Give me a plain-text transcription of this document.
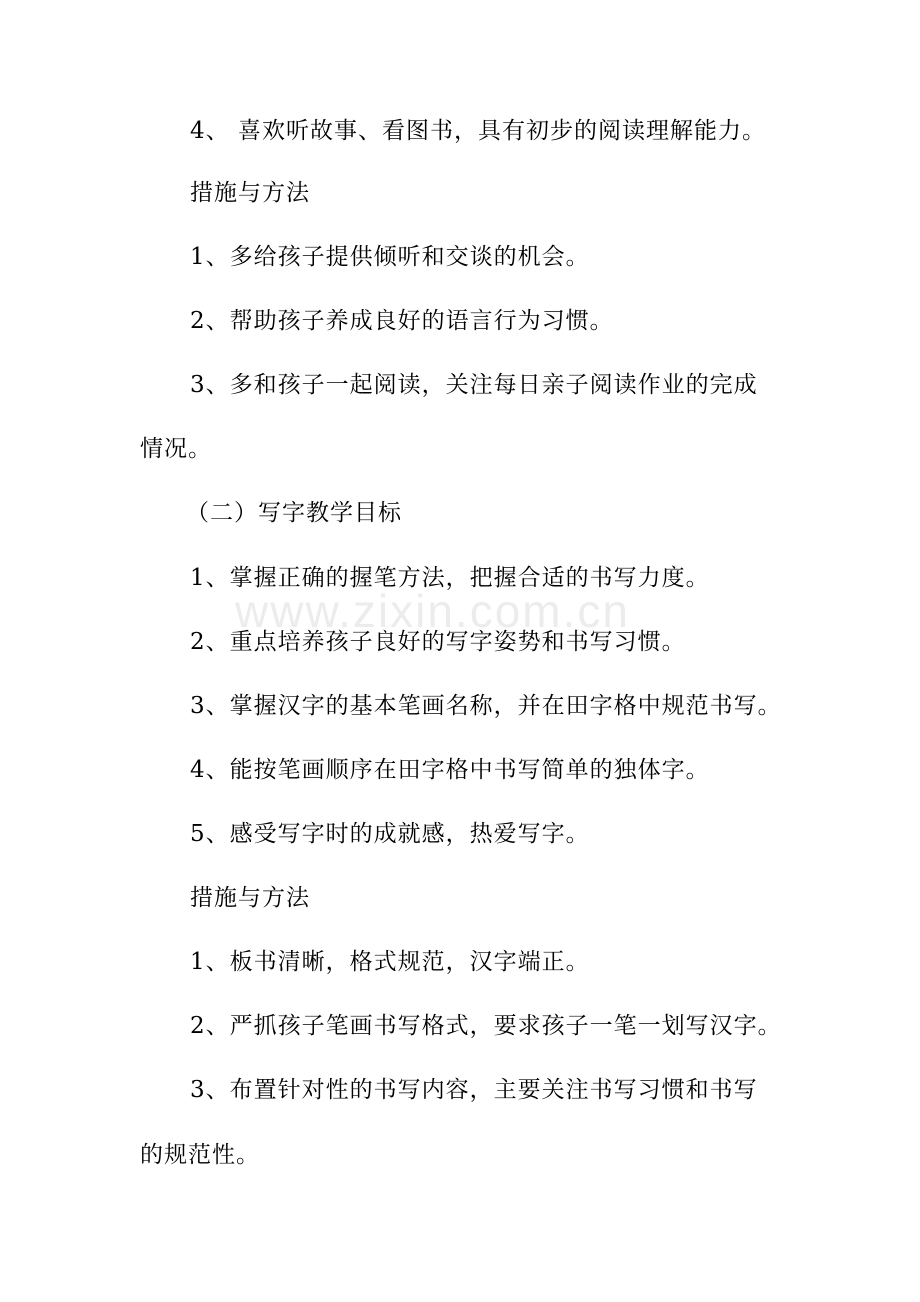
4、 喜欢听故事、看图书，具有初步的阅读理解能力。
措施与方法
1、多给孩子提供倾听和交谈的机会。
2、帮助孩子养成良好的语言行为习惯。
3、多和孩子一起阅读，关注每日亲子阅读作业的完成
情况。
（二）写字教学目标
1、掌握正确的握笔方法，把握合适的书写力度。
2、重点培养孩子良好的写字姿势和书写习惯。
3、掌握汉字的基本笔画名称，并在田字格中规范书写。
4、能按笔画顺序在田字格中书写简单的独体字。
5、感受写字时的成就感，热爱写字。
措施与方法
1、板书清晰，格式规范，汉字端正。
2、严抓孩子笔画书写格式，要求孩子一笔一划写汉字。
3、布置针对性的书写内容，主要关注书写习惯和书写
的规范性。
www.zixin.com.cn
